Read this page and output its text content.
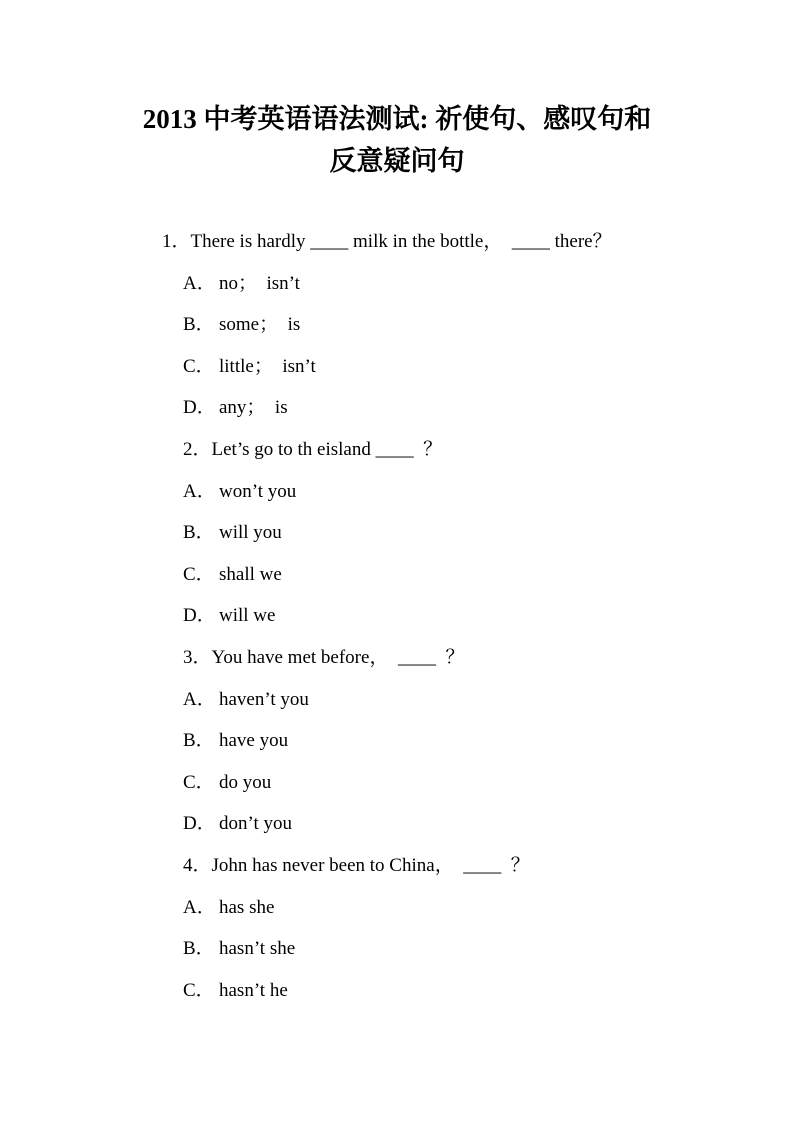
2013 中考英语语法测试: 祈使句、感叹句和
反意疑问句
1．There is hardly ____ milk in the bottle，  ____ there？
A． no；  isn’t
B． some；  is
C． little；  isn’t
D． any；  is
2．Let’s go to th eisland ____  ？
A． won’t you
B． will you
C． shall we
D． will we
3．You have met before，  ____  ？
A． haven’t you
B． have you
C． do you
D． don’t you
4．John has never been to China，  ____  ？
A． has she
B． hasn’t she
C． hasn’t he
